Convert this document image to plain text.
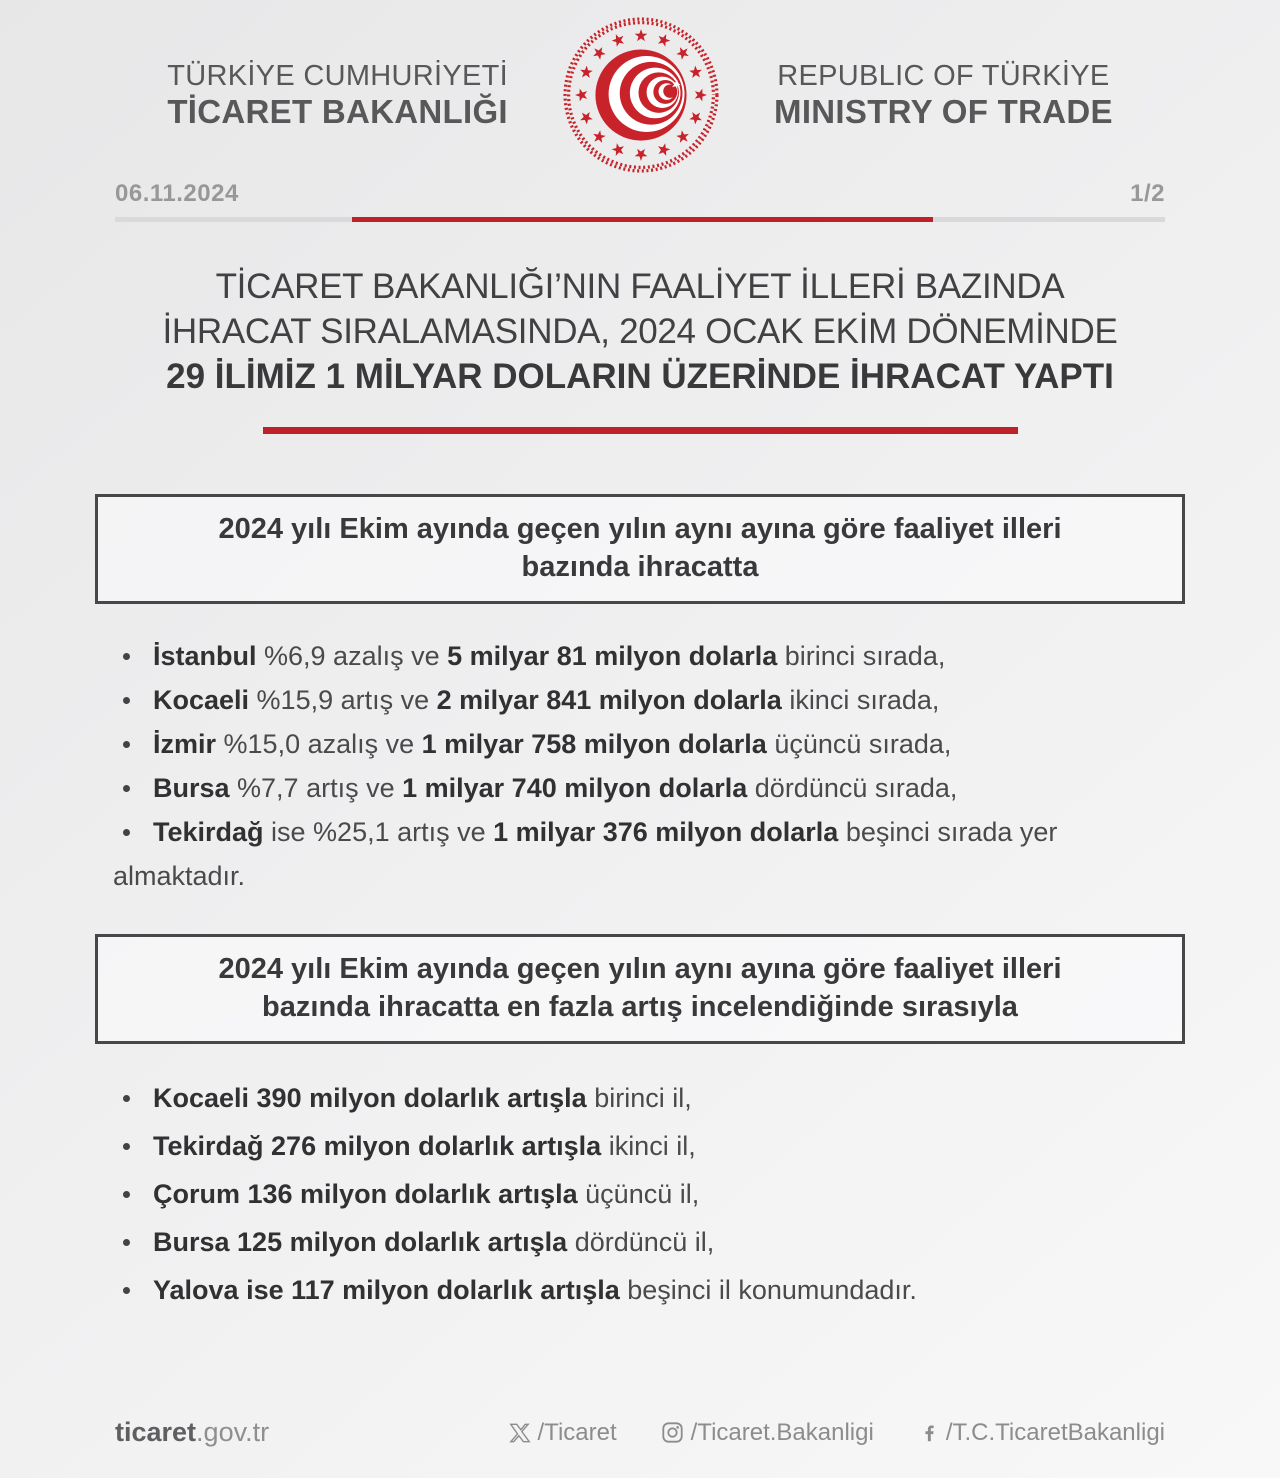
TÜRKİYE CUMHURİYETİ
TİCARET BAKANLIĞI
REPUBLIC OF TÜRKİYE
MINISTRY OF TRADE
06.11.2024	1/2
TİCARET BAKANLIĞI’NIN FAALİYET İLLERİ BAZINDA
İHRACAT SIRALAMASINDA, 2024 OCAK EKİM DÖNEMİNDE
29 İLİMİZ 1 MİLYAR DOLARIN ÜZERİNDE İHRACAT YAPTI
2024 yılı Ekim ayında geçen yılın aynı ayına göre faaliyet illeri
bazında ihracatta
İstanbul %6,9 azalış ve 5 milyar 81 milyon dolarla birinci sırada,
Kocaeli %15,9 artış ve 2 milyar 841 milyon dolarla ikinci sırada,
İzmir %15,0 azalış ve 1 milyar 758 milyon dolarla üçüncü sırada,
Bursa %7,7 artış ve 1 milyar 740 milyon dolarla dördüncü sırada,
Tekirdağ ise %25,1 artış ve 1 milyar 376 milyon dolarla beşinci sırada yer almaktadır.
2024 yılı Ekim ayında geçen yılın aynı ayına göre faaliyet illeri
bazında ihracatta en fazla artış incelendiğinde sırasıyla
Kocaeli 390 milyon dolarlık artışla birinci il,
Tekirdağ 276 milyon dolarlık artışla ikinci il,
Çorum 136 milyon dolarlık artışla üçüncü il,
Bursa 125 milyon dolarlık artışla dördüncü il,
Yalova ise 117 milyon dolarlık artışla beşinci il konumundadır.
ticaret.gov.tr	/Ticaret	/Ticaret.Bakanligi	/T.C.TicaretBakanligi
